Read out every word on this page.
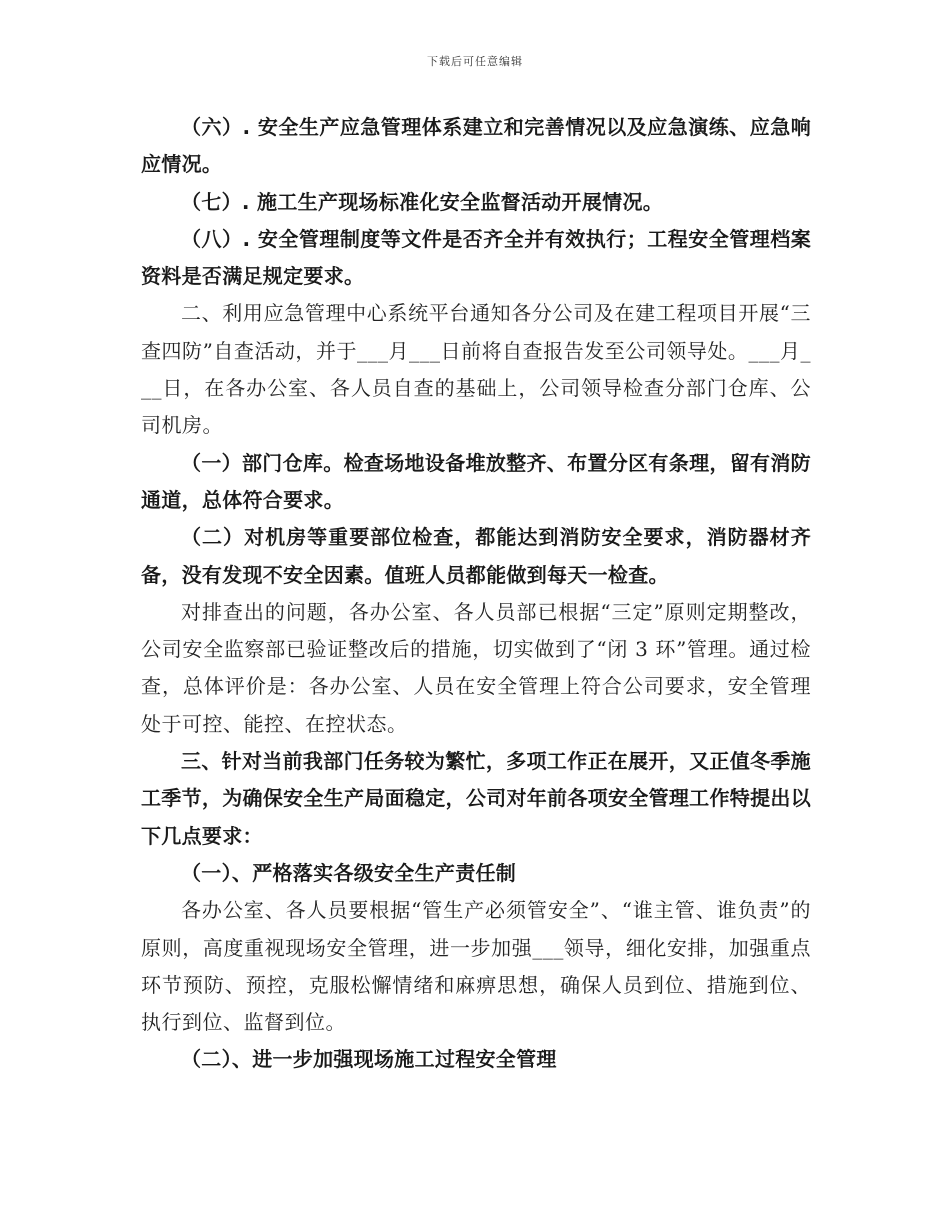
下载后可任意编辑

（六）. 安全生产应急管理体系建立和完善情况以及应急演练、应急响应情况。

（七）. 施工生产现场标准化安全监督活动开展情况。

（八）. 安全管理制度等文件是否齐全并有效执行；工程安全管理档案资料是否满足规定要求。

二、利用应急管理中心系统平台通知各分公司及在建工程项目开展“三查四防”自查活动，并于___月___日前将自查报告发至公司领导处。___月___日，在各办公室、各人员自查的基础上，公司领导检查分部门仓库、公司机房。

（一）部门仓库。检查场地设备堆放整齐、布置分区有条理，留有消防通道，总体符合要求。

（二）对机房等重要部位检查，都能达到消防安全要求，消防器材齐备，没有发现不安全因素。值班人员都能做到每天一检查。

对排查出的问题，各办公室、各人员部已根据“三定”原则定期整改，公司安全监察部已验证整改后的措施，切实做到了“闭 3 环”管理。通过检查，总体评价是：各办公室、人员在安全管理上符合公司要求，安全管理处于可控、能控、在控状态。

三、针对当前我部门任务较为繁忙，多项工作正在展开，又正值冬季施工季节，为确保安全生产局面稳定，公司对年前各项安全管理工作特提出以下几点要求：

（一）、严格落实各级安全生产责任制

各办公室、各人员要根据“管生产必须管安全”、“谁主管、谁负责”的原则，高度重视现场安全管理，进一步加强___领导，细化安排，加强重点环节预防、预控，克服松懈情绪和麻痹思想，确保人员到位、措施到位、执行到位、监督到位。

（二）、进一步加强现场施工过程安全管理
